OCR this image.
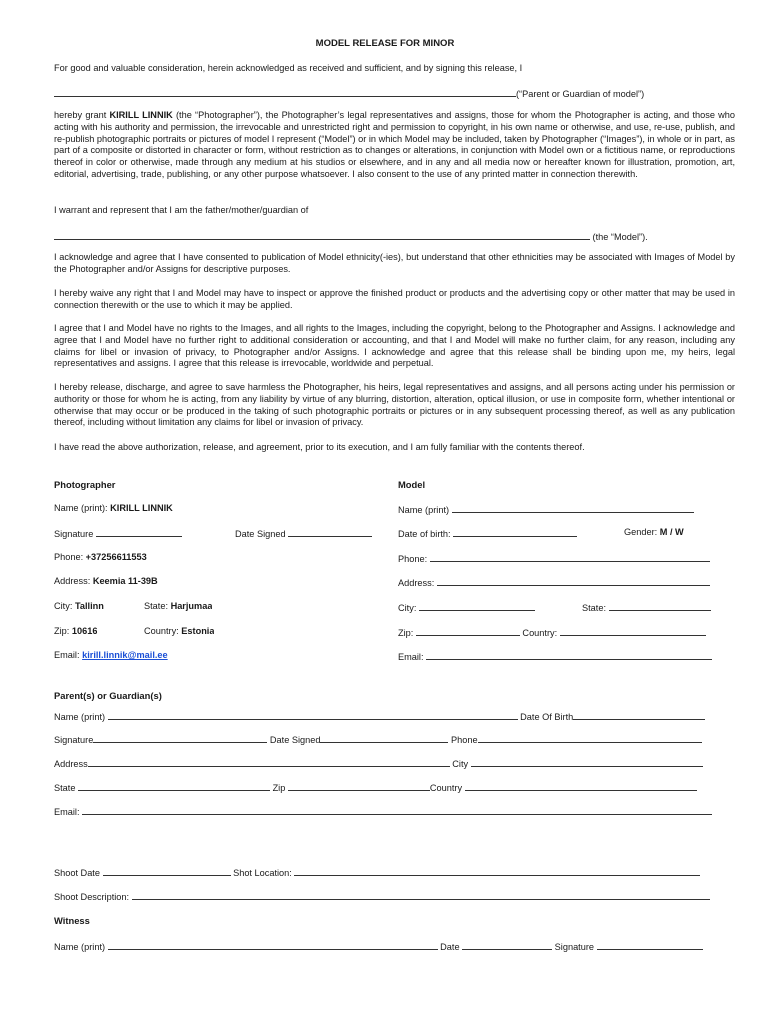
MODEL RELEASE FOR MINOR
For good and valuable consideration, herein acknowledged as received and sufficient, and by signing this release, I
(“Parent or Guardian of model”)

hereby grant KIRILL LINNIK (the “Photographer”), the Photographer’s legal representatives and assigns, those for whom the Photographer is acting, and those who acting with his authority and permission, the irrevocable and unrestricted right and permission to copyright, in his own name or otherwise, and use, re-use, publish, and re-publish photographic portraits or pictures of model I represent (“Model”) or in which Model may be included, taken by Photographer (“Images”), in whole or in part, as part of a composite or distorted in character or form, without restriction as to changes or alterations, in conjunction with Model own or a fictitious name, or reproductions thereof in color or otherwise, made through any medium at his studios or elsewhere, and in any and all media now or hereafter known for illustration, promotion, art, editorial, advertising, trade, publishing, or any other purpose whatsoever. I also consent to the use of any printed matter in connection therewith.

I warrant and represent that I am the father/mother/guardian of
(the “Model”).

I acknowledge and agree that I have consented to publication of Model ethnicity(-ies), but understand that other ethnicities may be associated with Images of Model by the Photographer and/or Assigns for descriptive purposes.

I hereby waive any right that I and Model may have to inspect or approve the finished product or products and the advertising copy or other matter that may be used in connection therewith or the use to which it may be applied.

I agree that I and Model have no rights to the Images, and all rights to the Images, including the copyright, belong to the Photographer and Assigns. I acknowledge and agree that I and Model have no further right to additional consideration or accounting, and that I and Model will make no further claim, for any reason, including any claims for libel or invasion of privacy, to Photographer and/or Assigns. I acknowledge and agree that this release shall be binding upon me, my heirs, legal representatives and assigns. I agree that this release is irrevocable, worldwide and perpetual.

I hereby release, discharge, and agree to save harmless the Photographer, his heirs, legal representatives and assigns, and all persons acting under his permission or authority or those for whom he is acting, from any liability by virtue of any blurring, distortion, alteration, optical illusion, or use in composite form, whether intentional or otherwise that may occur or be produced in the taking of such photographic portraits or pictures or in any subsequent processing thereof, as well as any publication thereof, including without limitation any claims for libel or invasion of privacy.

I have read the above authorization, release, and agreement, prior to its execution, and I am fully familiar with the contents thereof.

Photographer
Name (print): KIRILL LINNIK
Signature	Date Signed
Phone: +37256611553
Address: Keemia 11-39B
City: Tallinn	State: Harjumaa
Zip: 10616	Country: Estonia
Email: kirill.linnik@mail.ee
Model
Name (print)
Date of birth:	Gender: M / W
Phone:
Address:
City:	State:
Zip:	Country:
Email:
Parent(s) or Guardian(s)
Name (print)	Date Of Birth
Signature	Date Signed	Phone
Address	City
State	Zip	Country
Email:
Shoot Date	Shot Location:
Shoot Description:
Witness
Name (print)	Date	Signature
